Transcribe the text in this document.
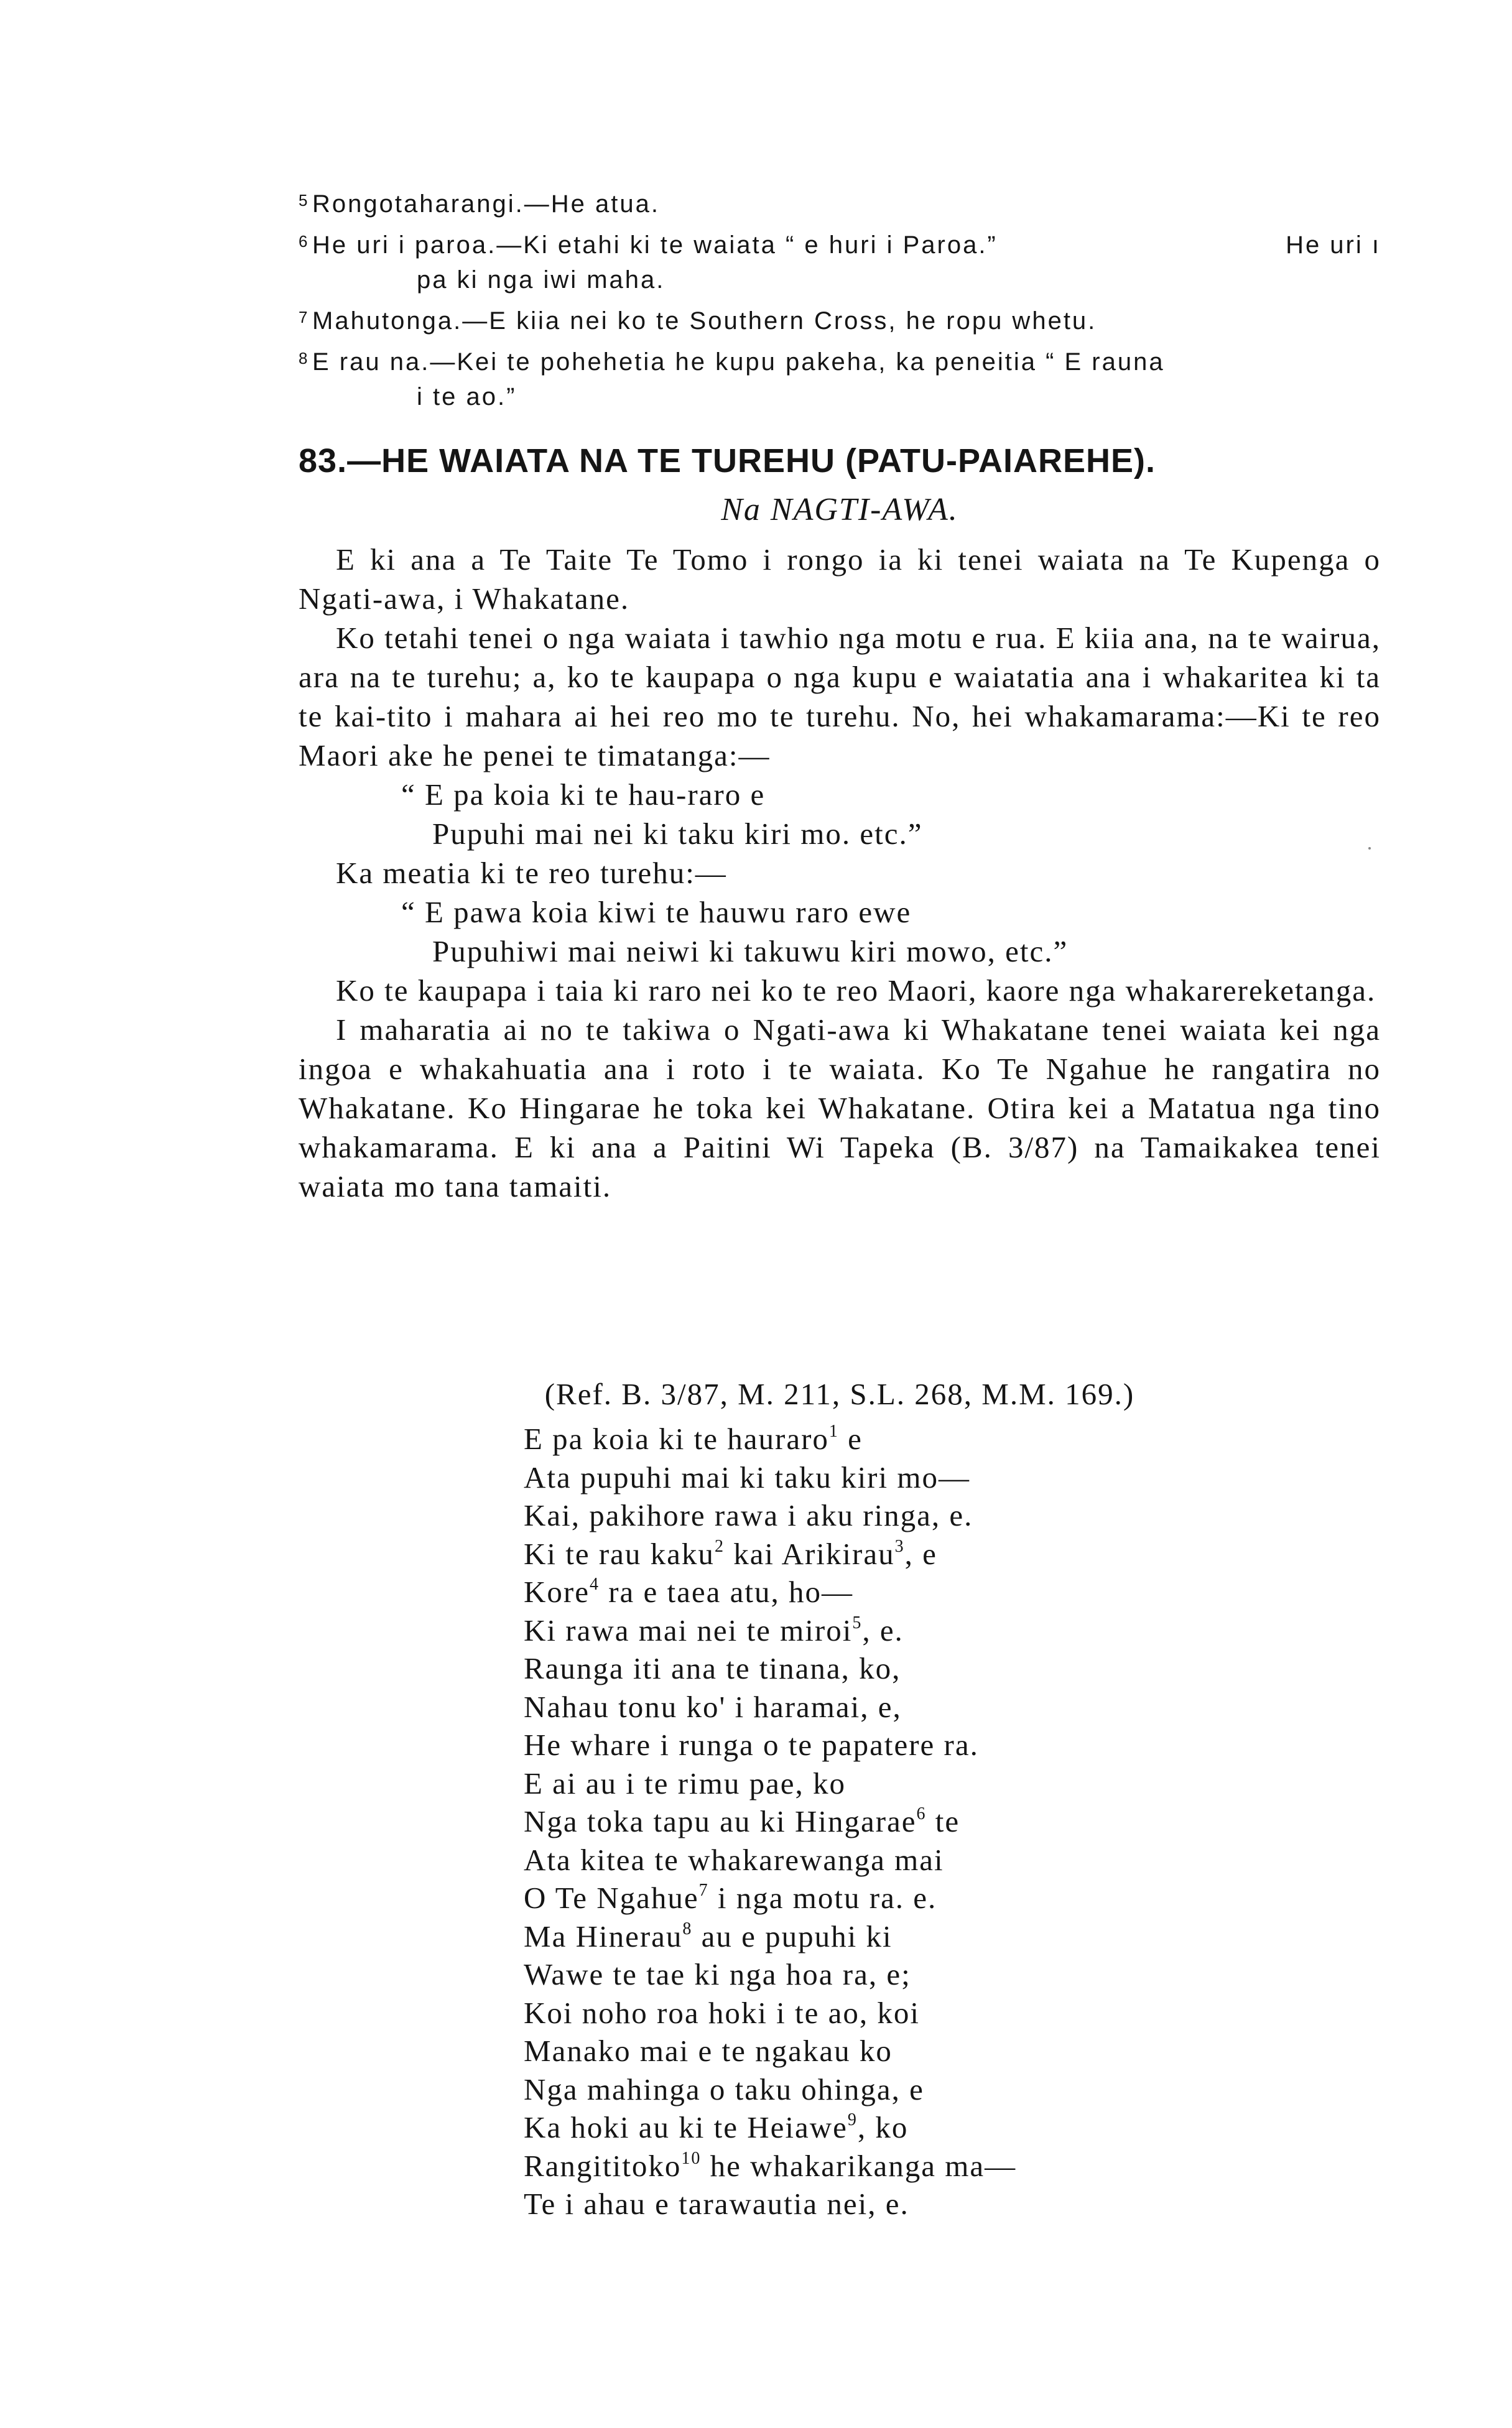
5 Rongotaharangi.—He atua.
6 He uri i paroa.—Ki etahi ki te waiata “ e huri i Paroa.”	He uri ı
pa ki nga iwi maha.
7 Mahutonga.—E kiia nei ko te Southern Cross, he ropu whetu.
8 E rau na.—Kei te pohehetia he kupu pakeha, ka peneitia “ E rauna
i te ao.”
83.—HE WAIATA NA TE TUREHU (PATU-PAIAREHE).
Na NAGTI-AWA.

E ki ana a Te Taite Te Tomo i rongo ia ki tenei waiata na Te Kupenga o Ngati-awa, i Whakatane.

Ko tetahi tenei o nga waiata i tawhio nga motu e rua. E kiia ana, na te wairua, ara na te turehu; a, ko te kaupapa o nga kupu e waiatatia ana i whakaritea ki ta te kai-tito i mahara ai hei reo mo te turehu. No, hei whakamarama:—Ki te reo Maori ake he penei te timatanga:—

“ E pa koia ki te hau-raro e
Pupuhi mai nei ki taku kiri mo. etc.”

Ka meatia ki te reo turehu:—

“ E pawa koia kiwi te hauwu raro ewe
Pupuhiwi mai neiwi ki takuwu kiri mowo, etc.”

Ko te kaupapa i taia ki raro nei ko te reo Maori, kaore nga whakarereketanga.

I maharatia ai no te takiwa o Ngati-awa ki Whakatane tenei waiata kei nga ingoa e whakahuatia ana i roto i te waiata. Ko Te Ngahue he rangatira no Whakatane. Ko Hingarae he toka kei Whakatane. Otira kei a Matatua nga tino whakamarama. E ki ana a Paitini Wi Tapeka (B. 3/87) na Tamaikakea tenei waiata mo tana tamaiti.

(Ref. B. 3/87, M. 211, S.L. 268, M.M. 169.)
E pa koia ki te hauraro$^1$ e
Ata pupuhi mai ki taku kiri mo—
Kai, pakihore rawa i aku ringa, e.
Ki te rau kaku$^2$ kai Arikirau$^3$, e
Kore$^4$ ra e taea atu, ho—
Ki rawa mai nei te miroi$^5$, e.
Raunga iti ana te tinana, ko,
Nahau tonu ko' i haramai, e,
He whare i runga o te papatere ra.
E ai au i te rimu pae, ko
Nga toka tapu au ki Hingarae$^6$ te
Ata kitea te whakarewanga mai
O Te Ngahue$^7$ i nga motu ra. e.
Ma Hinerau$^8$ au e pupuhi ki
Wawe te tae ki nga hoa ra, e;
Koi noho roa hoki i te ao, koi
Manako mai e te ngakau ko
Nga mahinga o taku ohinga, e
Ka hoki au ki te Heiawe$^9$, ko
Rangititoko$^{10}$ he whakarikanga ma—
Te i ahau e tarawautia nei, e.
